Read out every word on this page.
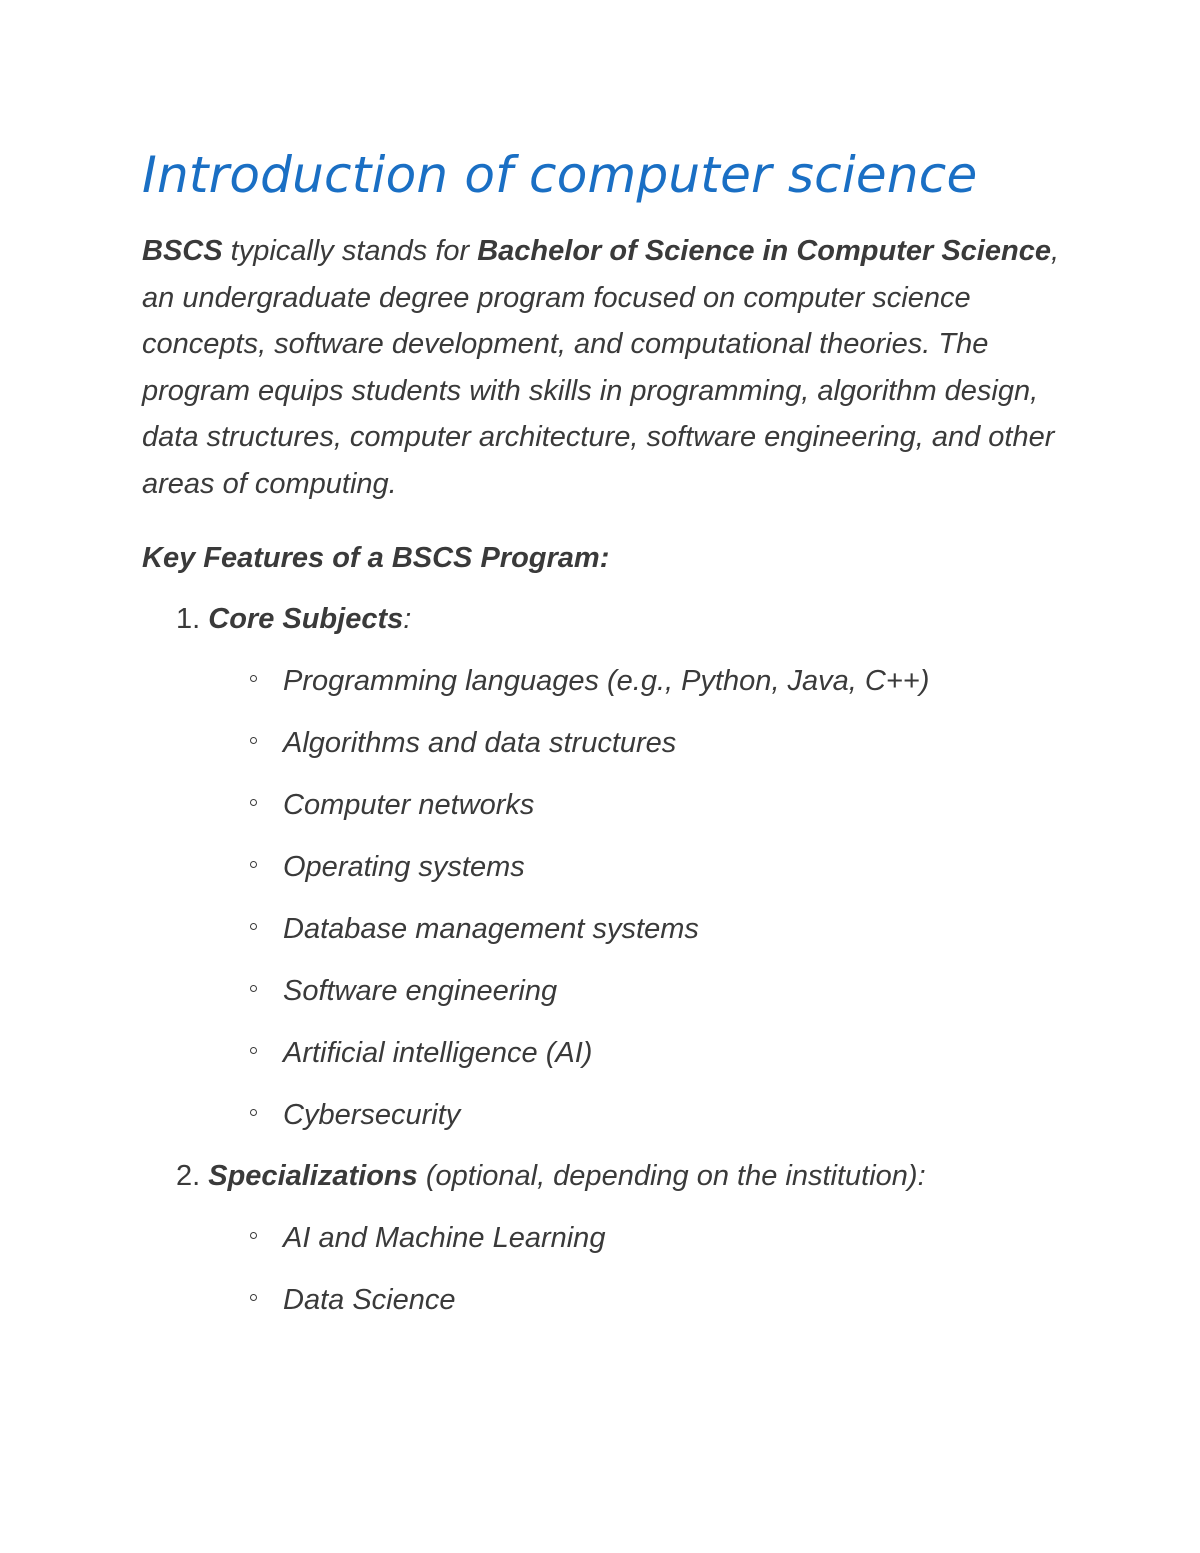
Introduction of computer science

BSCS typically stands for Bachelor of Science in Computer Science, an undergraduate degree program focused on computer science concepts, software development, and computational theories. The program equips students with skills in programming, algorithm design, data structures, computer architecture, software engineering, and other areas of computing.

Key Features of a BSCS Program:
1. Core Subjects:
Programming languages (e.g., Python, Java, C++)
Algorithms and data structures
Computer networks
Operating systems
Database management systems
Software engineering
Artificial intelligence (AI)
Cybersecurity
2. Specializations (optional, depending on the institution):
AI and Machine Learning
Data Science
